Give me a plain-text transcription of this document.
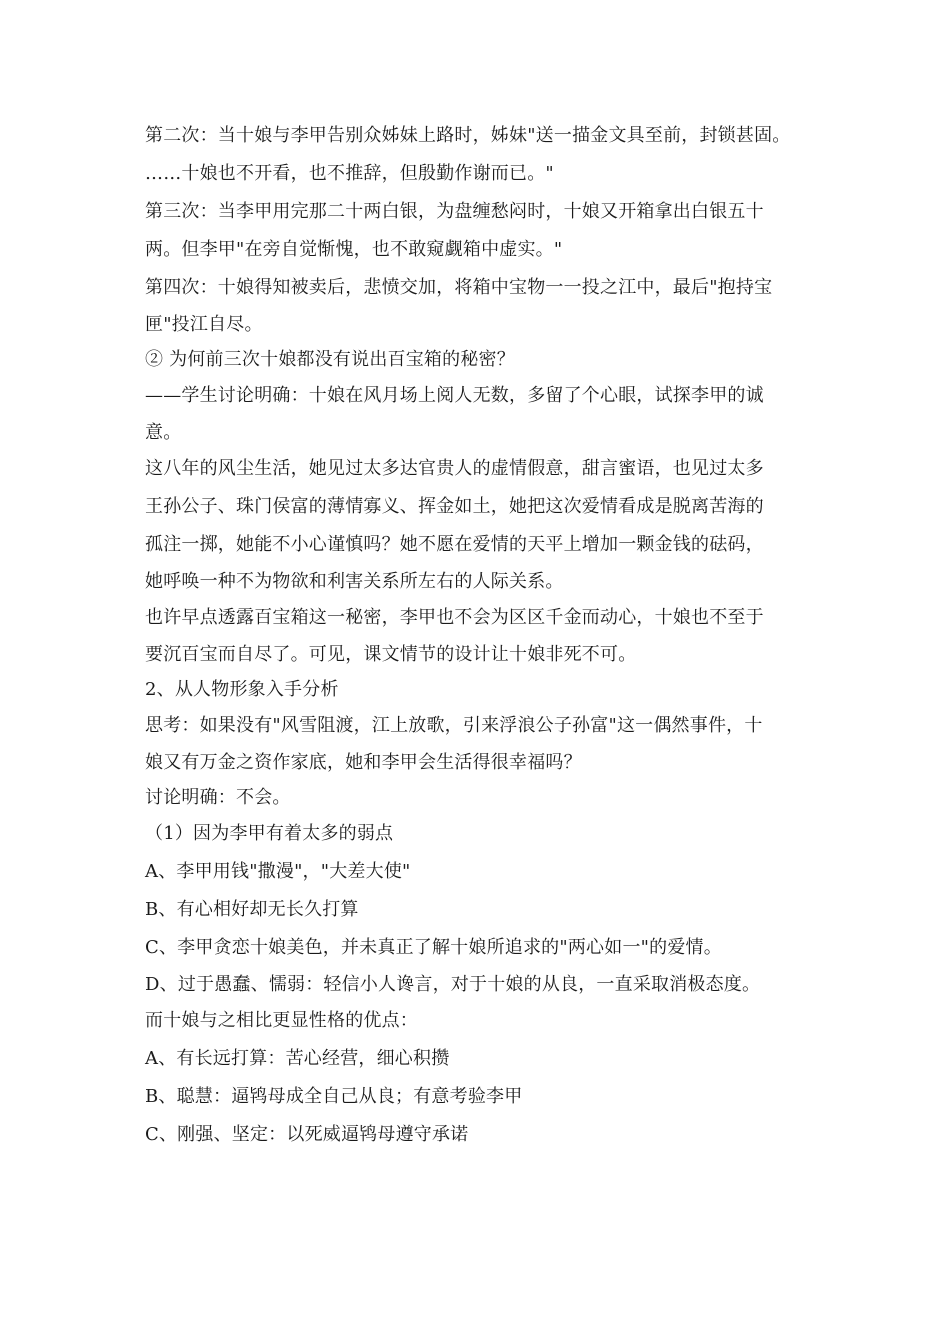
第二次：当十娘与李甲告别众姊妹上路时，姊妹"送一描金文具至前，封锁甚固。
……十娘也不开看，也不推辞，但殷勤作谢而已。"
第三次：当李甲用完那二十两白银，为盘缠愁闷时，十娘又开箱拿出白银五十
两。但李甲"在旁自觉惭愧，也不敢窥觑箱中虚实。"
第四次：十娘得知被卖后，悲愤交加，将箱中宝物一一投之江中，最后"抱持宝
匣"投江自尽。
② 为何前三次十娘都没有说出百宝箱的秘密？
——学生讨论明确：十娘在风月场上阅人无数，多留了个心眼，试探李甲的诚
意。
这八年的风尘生活，她见过太多达官贵人的虚情假意，甜言蜜语，也见过太多
王孙公子、珠门侯富的薄情寡义、挥金如土，她把这次爱情看成是脱离苦海的
孤注一掷，她能不小心谨慎吗？她不愿在爱情的天平上增加一颗金钱的砝码，
她呼唤一种不为物欲和利害关系所左右的人际关系。
也许早点透露百宝箱这一秘密，李甲也不会为区区千金而动心，十娘也不至于
要沉百宝而自尽了。可见，课文情节的设计让十娘非死不可。
2、从人物形象入手分析
思考：如果没有"风雪阻渡，江上放歌，引来浮浪公子孙富"这一偶然事件，十
娘又有万金之资作家底，她和李甲会生活得很幸福吗？
讨论明确：不会。
（1）因为李甲有着太多的弱点
A、李甲用钱"撒漫"，"大差大使"
B、有心相好却无长久打算
C、李甲贪恋十娘美色，并未真正了解十娘所追求的"两心如一"的爱情。
D、过于愚蠢、懦弱：轻信小人谗言，对于十娘的从良，一直采取消极态度。
而十娘与之相比更显性格的优点：
A、有长远打算：苦心经营，细心积攒
B、聪慧：逼鸨母成全自己从良；有意考验李甲
C、刚强、坚定：以死威逼鸨母遵守承诺
